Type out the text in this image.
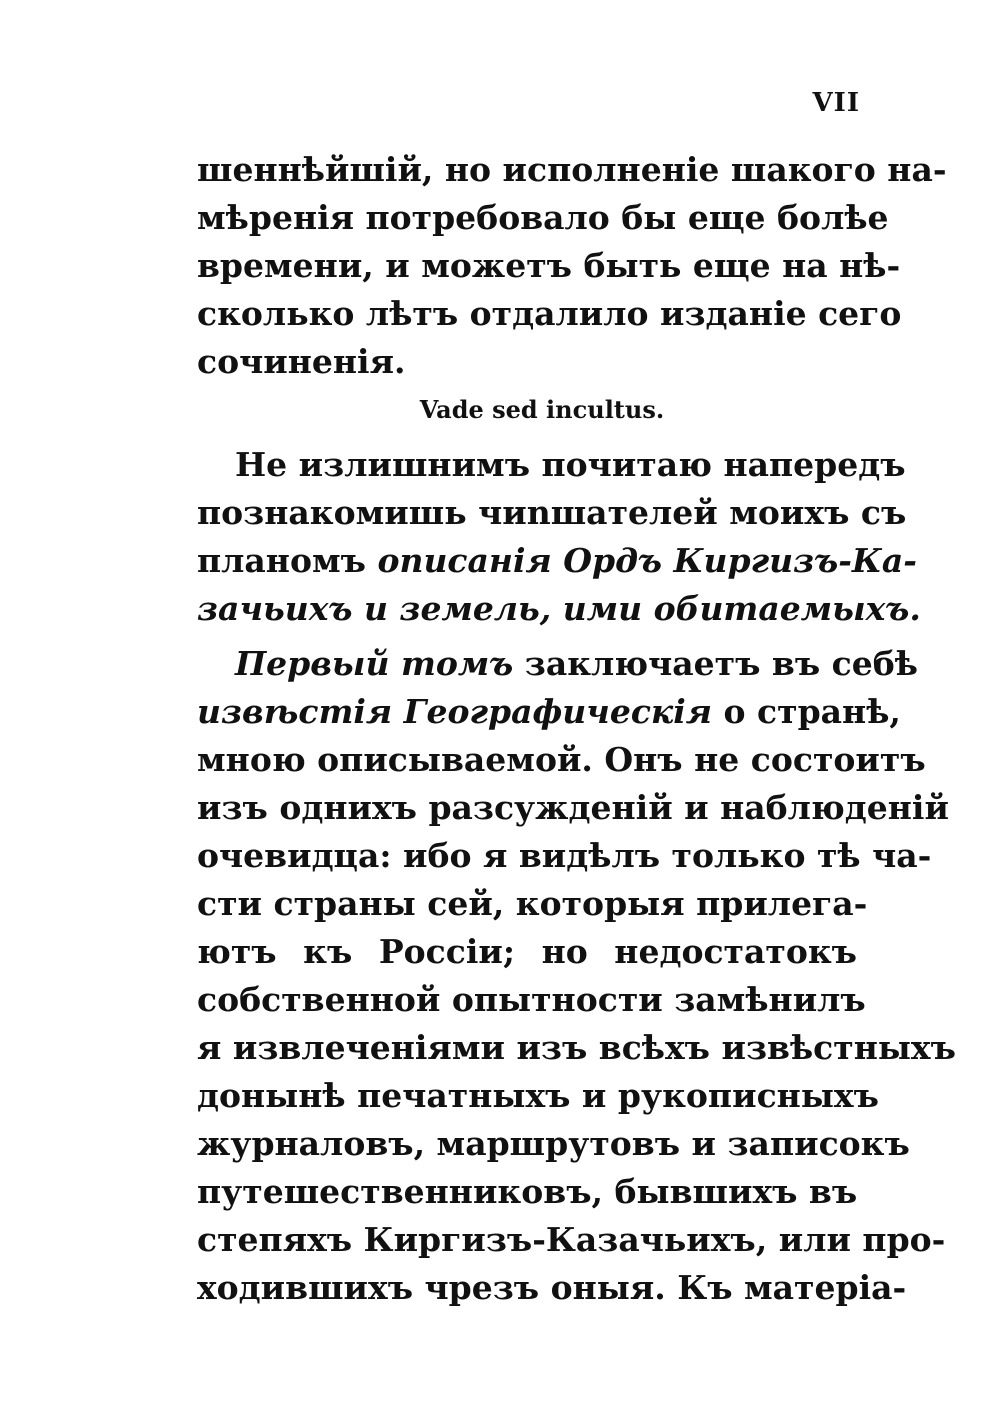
VII
шеннѣйшій, но исполненіе шакого на-
мѣренія потребовало бы еще болѣе
времени, и можетъ быть еще на нѣ-
сколько лѣтъ отдалило изданіе сего
сочиненія.
Vade sed incultus.
Не излишнимъ почитаю напередъ
познакомишь чиnшателей моихъ съ
планомъ описанія Ордъ Киргизъ-Ка-
зачьихъ и земель, ими обитаемыхъ.
Первый томъ заключаетъ въ себѣ
извѣстія Географическія о странѣ,
мною описываемой. Онъ не состоитъ
изъ однихъ разсужденій и наблюденій
очевидца: ибо я видѣлъ только тѣ ча-
сти страны сей, которыя прилега-
ютъ къ Россіи; но недостатокъ
собственной опытности замѣнилъ
я извлеченіями изъ всѣхъ извѣстныхъ
донынѣ печатныхъ и рукописныхъ
журналовъ, маршрутовъ и записокъ
путешественниковъ, бывшихъ въ
степяхъ Киргизъ-Казачьихъ, или про-
ходившихъ чрезъ оныя. Къ матеріа-
